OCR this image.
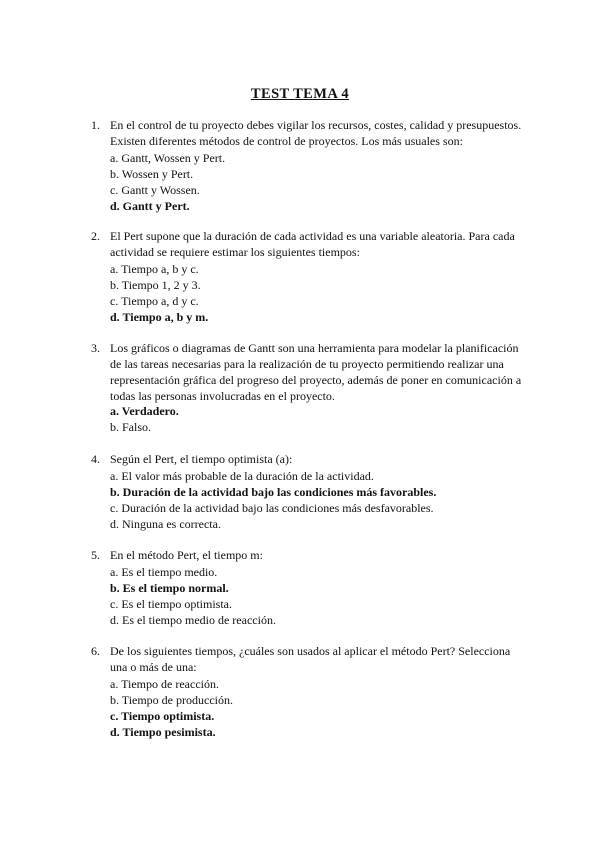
TEST TEMA 4
1. En el control de tu proyecto debes vigilar los recursos, costes, calidad y presupuestos.
Existen diferentes métodos de control de proyectos. Los más usuales son:
a. Gantt, Wossen y Pert.
b. Wossen y Pert.
c. Gantt y Wossen.
d. Gantt y Pert.
2. El Pert supone que la duración de cada actividad es una variable aleatoria. Para cada
actividad se requiere estimar los siguientes tiempos:
a. Tiempo a, b y c.
b. Tiempo 1, 2 y 3.
c. Tiempo a, d y c.
d. Tiempo a, b y m.
3. Los gráficos o diagramas de Gantt son una herramienta para modelar la planificación
de las tareas necesarias para la realización de tu proyecto permitiendo realizar una
representación gráfica del progreso del proyecto, además de poner en comunicación a
todas las personas involucradas en el proyecto.
a. Verdadero.
b. Falso.
4. Según el Pert, el tiempo optimista (a):
a. El valor más probable de la duración de la actividad.
b. Duración de la actividad bajo las condiciones más favorables.
c. Duración de la actividad bajo las condiciones más desfavorables.
d. Ninguna es correcta.
5. En el método Pert, el tiempo m:
a. Es el tiempo medio.
b. Es el tiempo normal.
c. Es el tiempo optimista.
d. Es el tiempo medio de reacción.
6. De los siguientes tiempos, ¿cuáles son usados al aplicar el método Pert? Selecciona
una o más de una:
a. Tiempo de reacción.
b. Tiempo de producción.
c. Tiempo optimista.
d. Tiempo pesimista.
